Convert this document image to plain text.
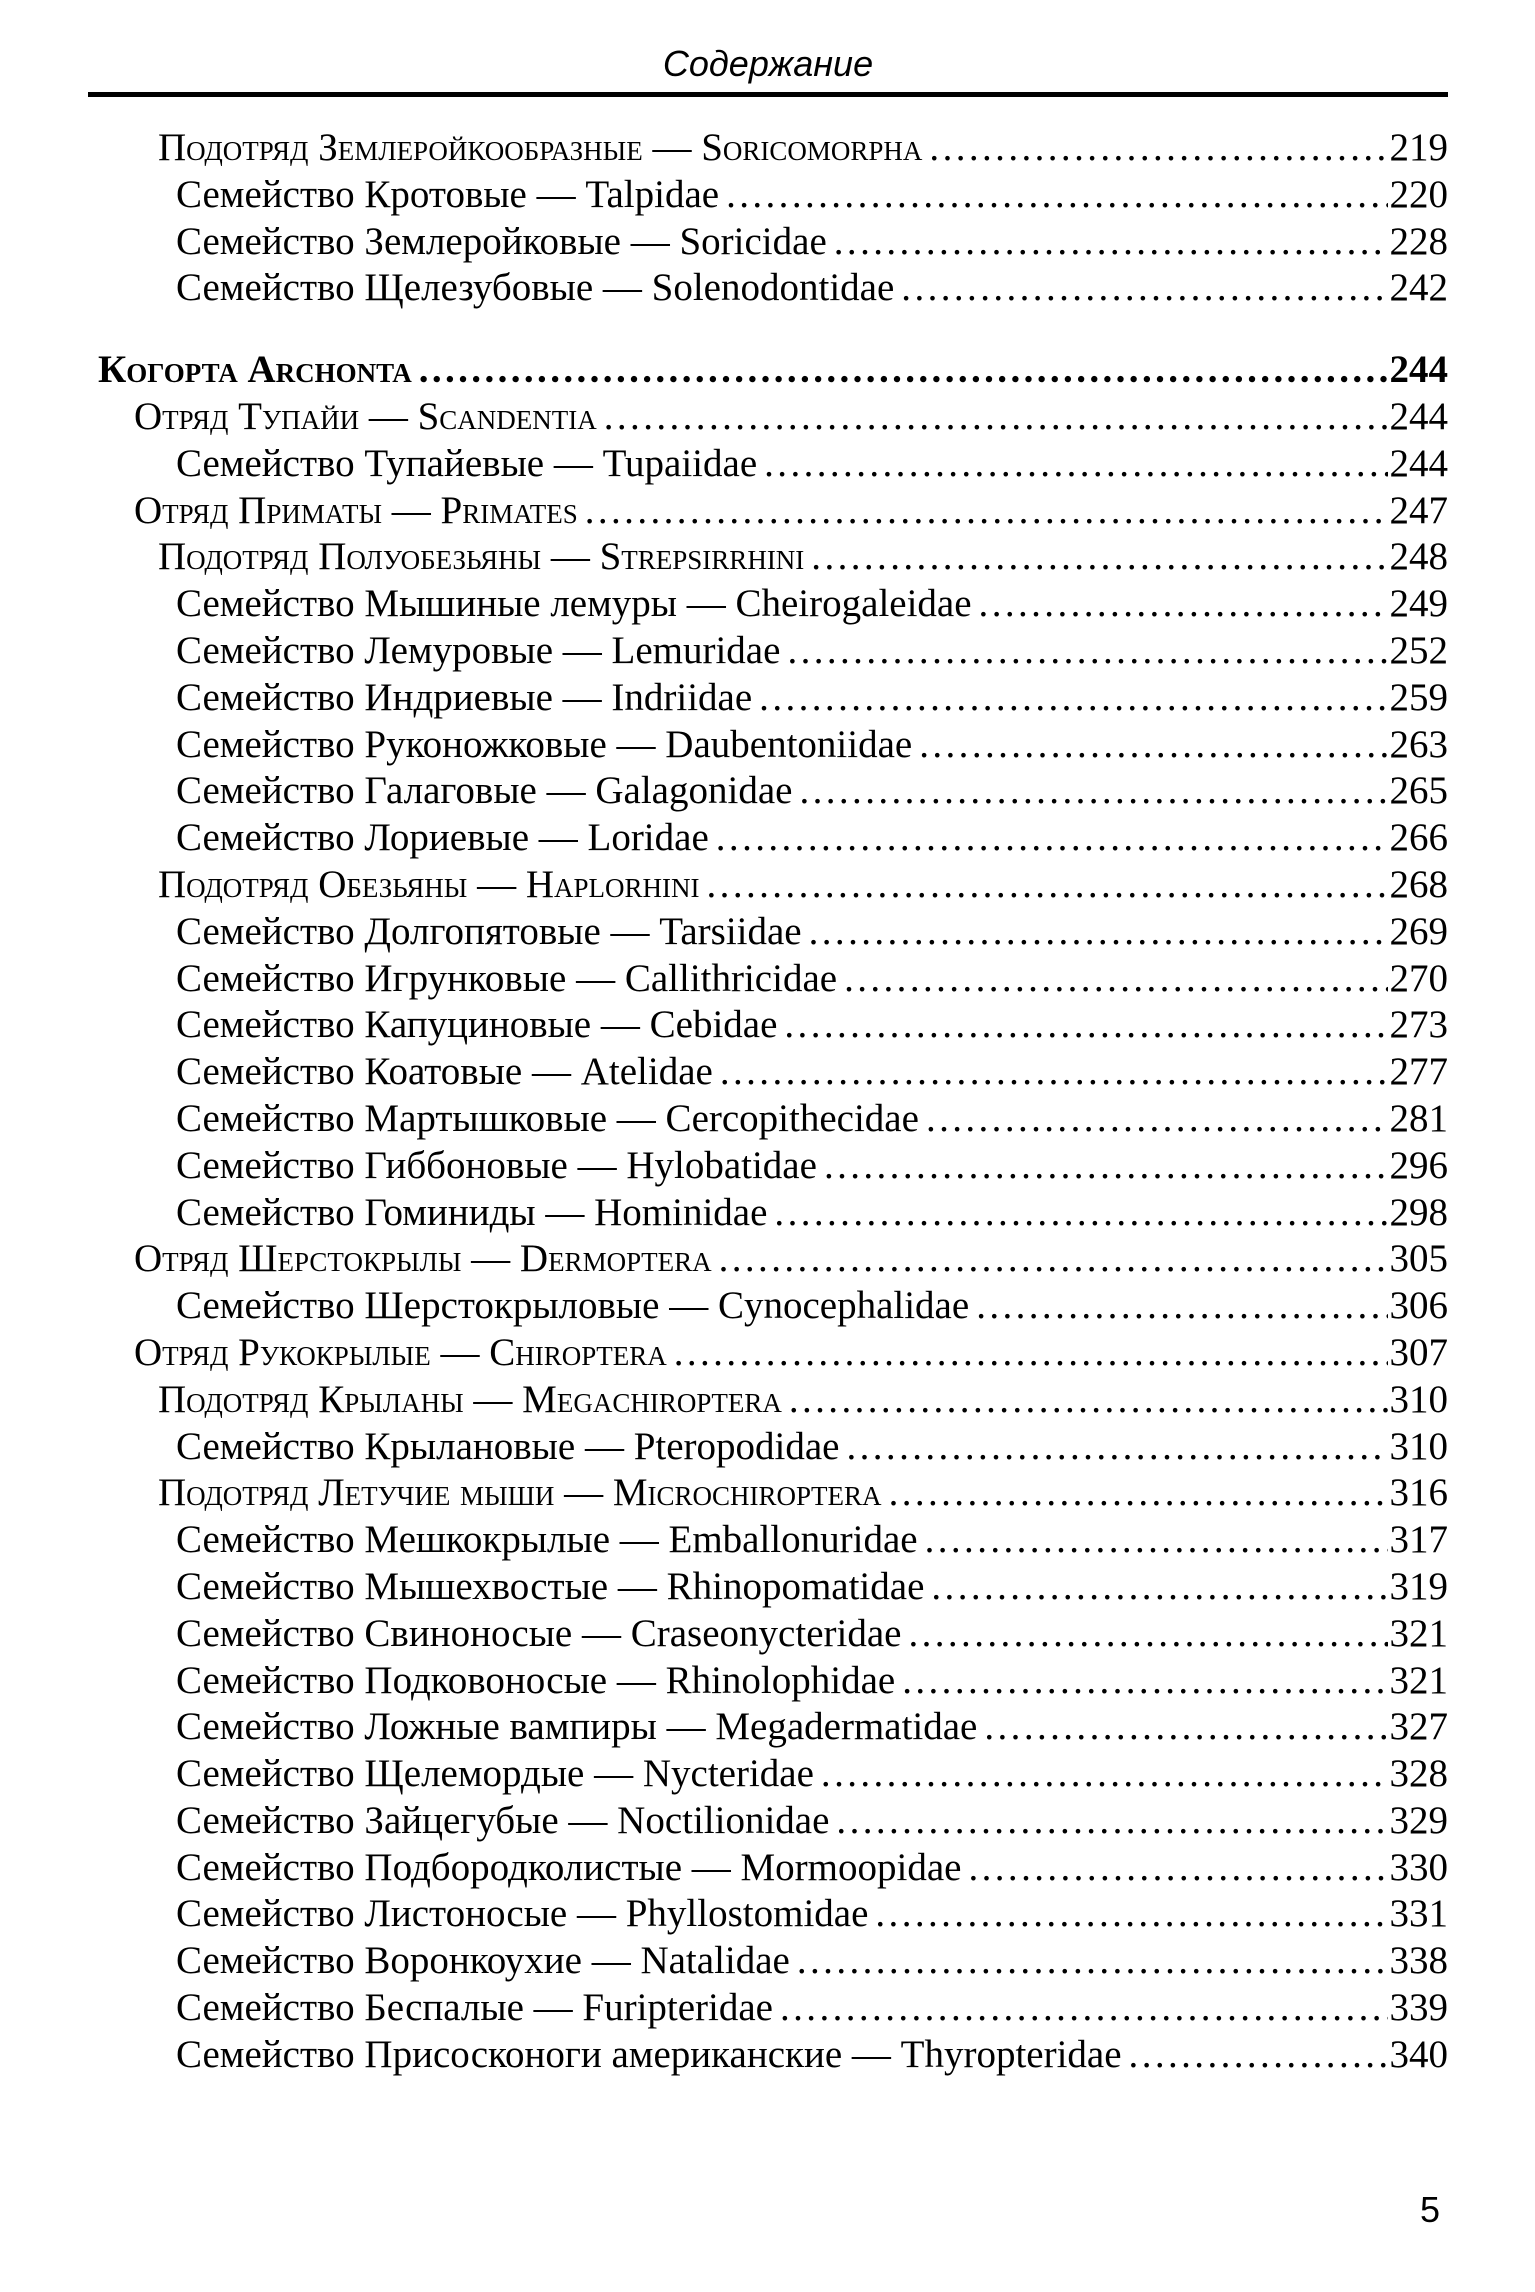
Содержание
Подотряд Землеройкообразные — Soricomorpha .....	219
Семейство Кротовые — Talpidae .....	220
Семейство Землеройковые — Soricidae .....	228
Семейство Щелезубовые — Solenodontidae .....	242
Когорта Archonta .....	244
Отряд Тупайи — Scandentia .....	244
Семейство Тупайевые — Tupaiidae .....	244
Отряд Приматы — Primates .....	247
Подотряд Полуобезьяны — Strepsirrhini .....	248
Семейство Мышиные лемуры — Cheirogaleidae .....	249
Семейство Лемуровые — Lemuridae .....	252
Семейство Индриевые — Indriidae .....	259
Семейство Руконожковые — Daubentoniidae .....	263
Семейство Галаговые — Galagonidae .....	265
Семейство Лориевые — Loridae .....	266
Подотряд Обезьяны — Haplorhini .....	268
Семейство Долгопятовые — Tarsiidae .....	269
Семейство Игрунковые — Callithricidae .....	270
Семейство Капуциновые — Cebidae .....	273
Семейство Коатовые — Atelidae .....	277
Семейство Мартышковые — Cercopithecidae .....	281
Семейство Гиббоновые — Hylobatidae .....	296
Семейство Гоминиды — Hominidae .....	298
Отряд Шерстокрылы — Dermoptera .....	305
Семейство Шерстокрыловые — Cynocephalidae .....	306
Отряд Рукокрылые — Chiroptera .....	307
Подотряд Крыланы — Megachiroptera .....	310
Семейство Крылановые — Pteropodidae .....	310
Подотряд Летучие мыши — Microchiroptera .....	316
Семейство Мешкокрылые — Emballonuridae .....	317
Семейство Мышехвостые — Rhinopomatidae .....	319
Семейство Свиноносые — Craseonycteridae .....	321
Семейство Подковоносые — Rhinolophidae .....	321
Семейство Ложные вампиры — Megadermatidae .....	327
Семейство Щелемордые — Nycteridae .....	328
Семейство Зайцегубые — Noctilionidae .....	329
Семейство Подбородколистые — Mormoopidae .....	330
Семейство Листоносые — Phyllostomidae .....	331
Семейство Воронкоухие — Natalidae .....	338
Семейство Беспалые — Furipteridae .....	339
Семейство Присосконоги американские — Thyropteridae .....	340
5
